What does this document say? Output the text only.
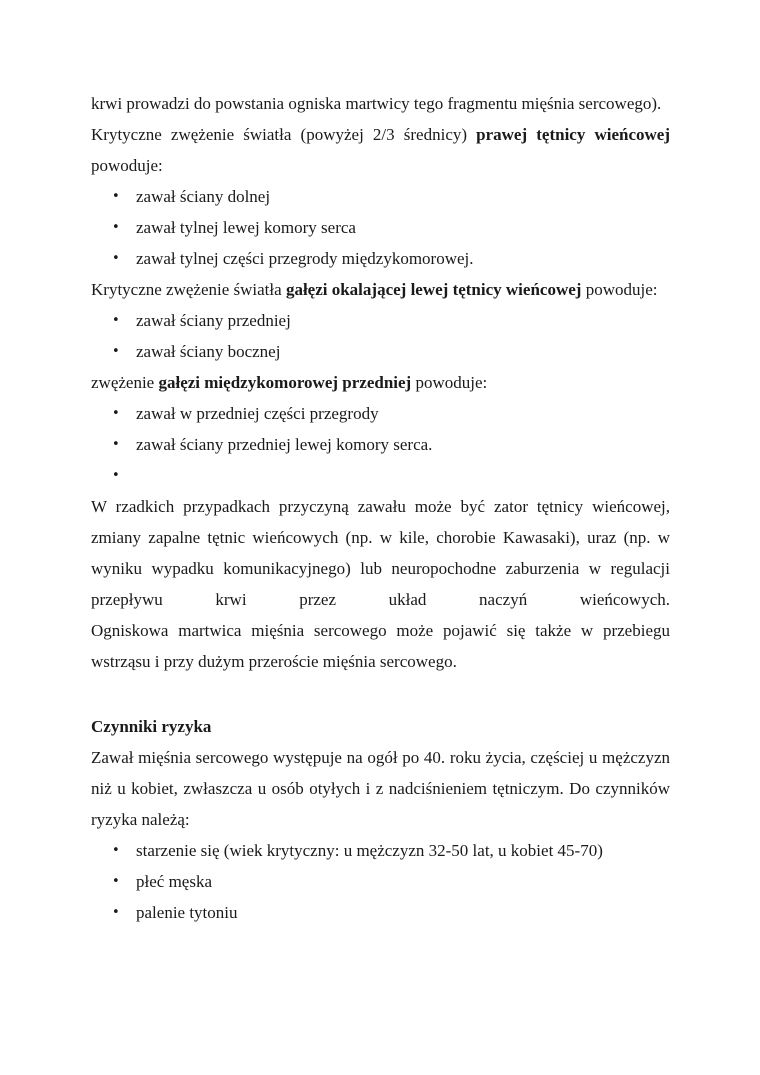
krwi prowadzi do powstania ogniska martwicy tego fragmentu mięśnia sercowego).

Krytyczne zwężenie światła (powyżej 2/3 średnicy) prawej tętnicy wieńcowej powoduje:

• zawał ściany dolnej
• zawał tylnej lewej komory serca
• zawał tylnej części przegrody międzykomorowej.

Krytyczne zwężenie światła gałęzi okalającej lewej tętnicy wieńcowej powoduje:

• zawał ściany przedniej
• zawał ściany bocznej

zwężenie gałęzi międzykomorowej przedniej powoduje:

• zawał w przedniej części przegrody
• zawał ściany przedniej lewej komory serca.
•

W rzadkich przypadkach przyczyną zawału może być zator tętnicy wieńcowej, zmiany zapalne tętnic wieńcowych (np. w kile, chorobie Kawasaki), uraz (np. w wyniku wypadku komunikacyjnego) lub neuropochodne zaburzenia w regulacji przepływu krwi przez układ naczyń wieńcowych.

Ogniskowa martwica mięśnia sercowego może pojawić się także w przebiegu wstrząsu i przy dużym przeroście mięśnia sercowego.

Czynniki ryzyka

Zawał mięśnia sercowego występuje na ogół po 40. roku życia, częściej u mężczyzn niż u kobiet, zwłaszcza u osób otyłych i z nadciśnieniem tętniczym. Do czynników ryzyka należą:

• starzenie się (wiek krytyczny: u mężczyzn 32-50 lat, u kobiet 45-70)
• płeć męska
• palenie tytoniu
